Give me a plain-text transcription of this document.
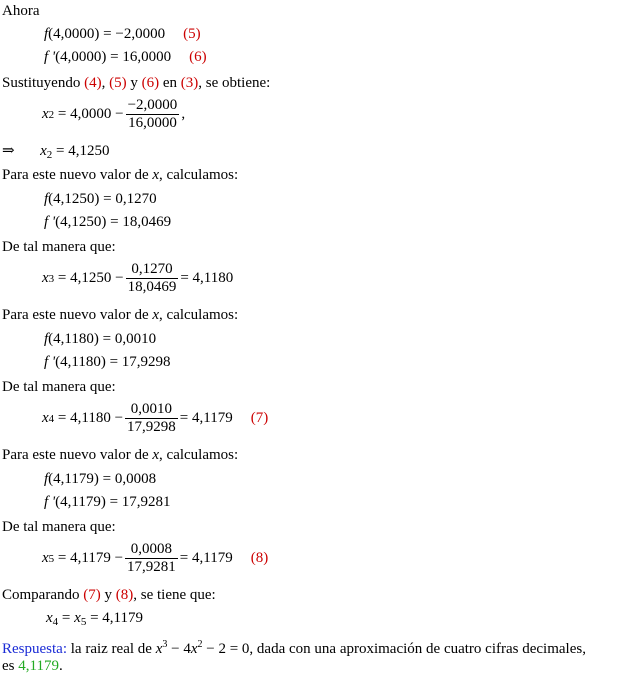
Ahora
f(4,0000) = −2,0000 (5)
f '(4,0000) = 16,0000 (6)
Sustituyendo (4), (5) y (6) en (3), se obtiene:
x 2
= $4,0000 - \frac{-2,0000}{16,0000}$ ,
⇒ $x_2 = 4,1250$
Para este nuevo valor de x, calculamos:
f(4,1250) = 0,1270
f '(4,1250) = 18,0469
De tal manera que:
x 3
= $4,1250 - \frac{0,1270}{18,0469} = 4,1180$
Para este nuevo valor de x, calculamos:
f(4,1180) = 0,0010
f '(4,1180) = 17,9298
De tal manera que:
x 4
= $4,1180 - \frac{0,0010}{17,9298} = 4,1179$ (7)
Para este nuevo valor de x, calculamos:
f(4,1179) = 0,0008
f '(4,1179) = 17,9281
De tal manera que:
x 5
= $4,1179 - \frac{0,0008}{17,9281} = 4,1179$ (8)
Comparando (7) y (8), se tiene que:
$x_4 = x_5 = 4,1179$
Respuesta: la raiz real de $x^3 - 4x^2 - 2 = 0$, dada con una aproximación de cuatro cifras decimales,
es 4,1179.
